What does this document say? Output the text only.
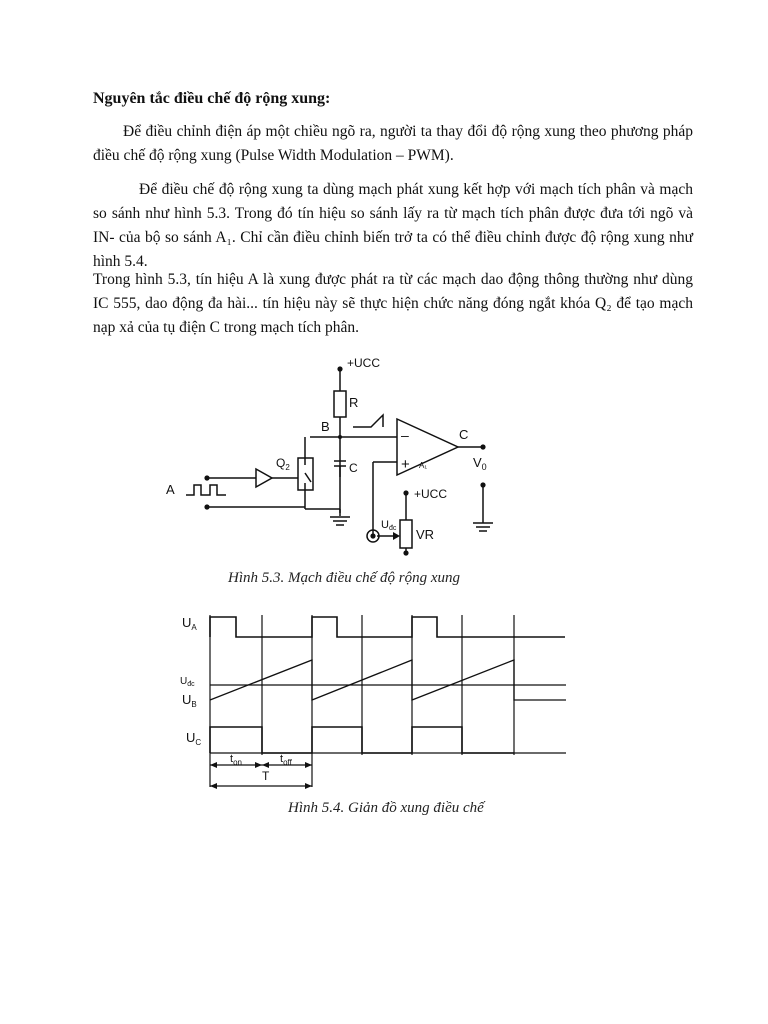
Nguyên tắc điều chế độ rộng xung:

Để điều chỉnh điện áp một chiều ngõ ra, người ta thay đổi độ rộng xung theo phương pháp điều chế độ rộng xung (Pulse Width Modulation – PWM).

Để điều chế độ rộng xung ta dùng mạch phát xung kết hợp với mạch tích phân và mạch so sánh như hình 5.3. Trong đó tín hiệu so sánh lấy ra từ mạch tích phân được đưa tới ngõ và IN- của bộ so sánh A₁. Chỉ cần điều chỉnh biến trở ta có thể điều chỉnh được độ rộng xung như hình 5.4.

Trong hình 5.3, tín hiệu A là xung được phát ra từ các mạch dao động thông thường như dùng IC 555, dao động đa hài... tín hiệu này sẽ thực hiện chức năng đóng ngắt khóa Q₂ để tạo mạch nạp xả của tụ điện C trong mạch tích phân.

+UCC
R
B
C
$Q_2$
A
C
$V_0$
–
+ A₁
+UCC
Uđc VR

Hình 5.3. Mạch điều chế độ rộng xung

$U_A$
$U_{đc}$
$U_B$
$U_C$
$t_{on}$	$t_{off}$
T

Hình 5.4. Giản đồ xung điều chế
